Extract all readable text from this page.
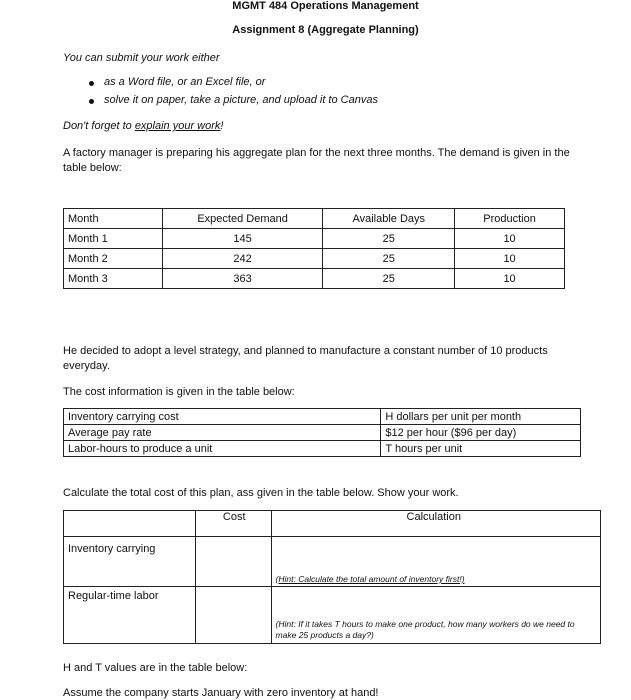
MGMT 484 Operations Management
Assignment 8 (Aggregate Planning)
You can submit your work either
as a Word file, or an Excel file, or
solve it on paper, take a picture, and upload it to Canvas
Don't forget to explain your work!
A factory manager is preparing his aggregate plan for the next three months. The demand is given in the
table below:
Month	Expected Demand	Available Days	Production
Month 1	145	25	10
Month 2	242	25	10
Month 3	363	25	10
He decided to adopt a level strategy, and planned to manufacture a constant number of 10 products
everyday.
The cost information is given in the table below:
Inventory carrying cost	H dollars per unit per month
Average pay rate	$12 per hour ($96 per day)
Labor-hours to produce a unit	T hours per unit
Calculate the total cost of this plan, ass given in the table below. Show your work.
	Cost	Calculation
Inventory carrying		(Hint: Calculate the total amount of inventory first!)

Regular-time labor		(Hint: If it takes T hours to make one product, how many workers do we need to make 25 products a day?)
H and T values are in the table below:
Assume the company starts January with zero inventory at hand!
